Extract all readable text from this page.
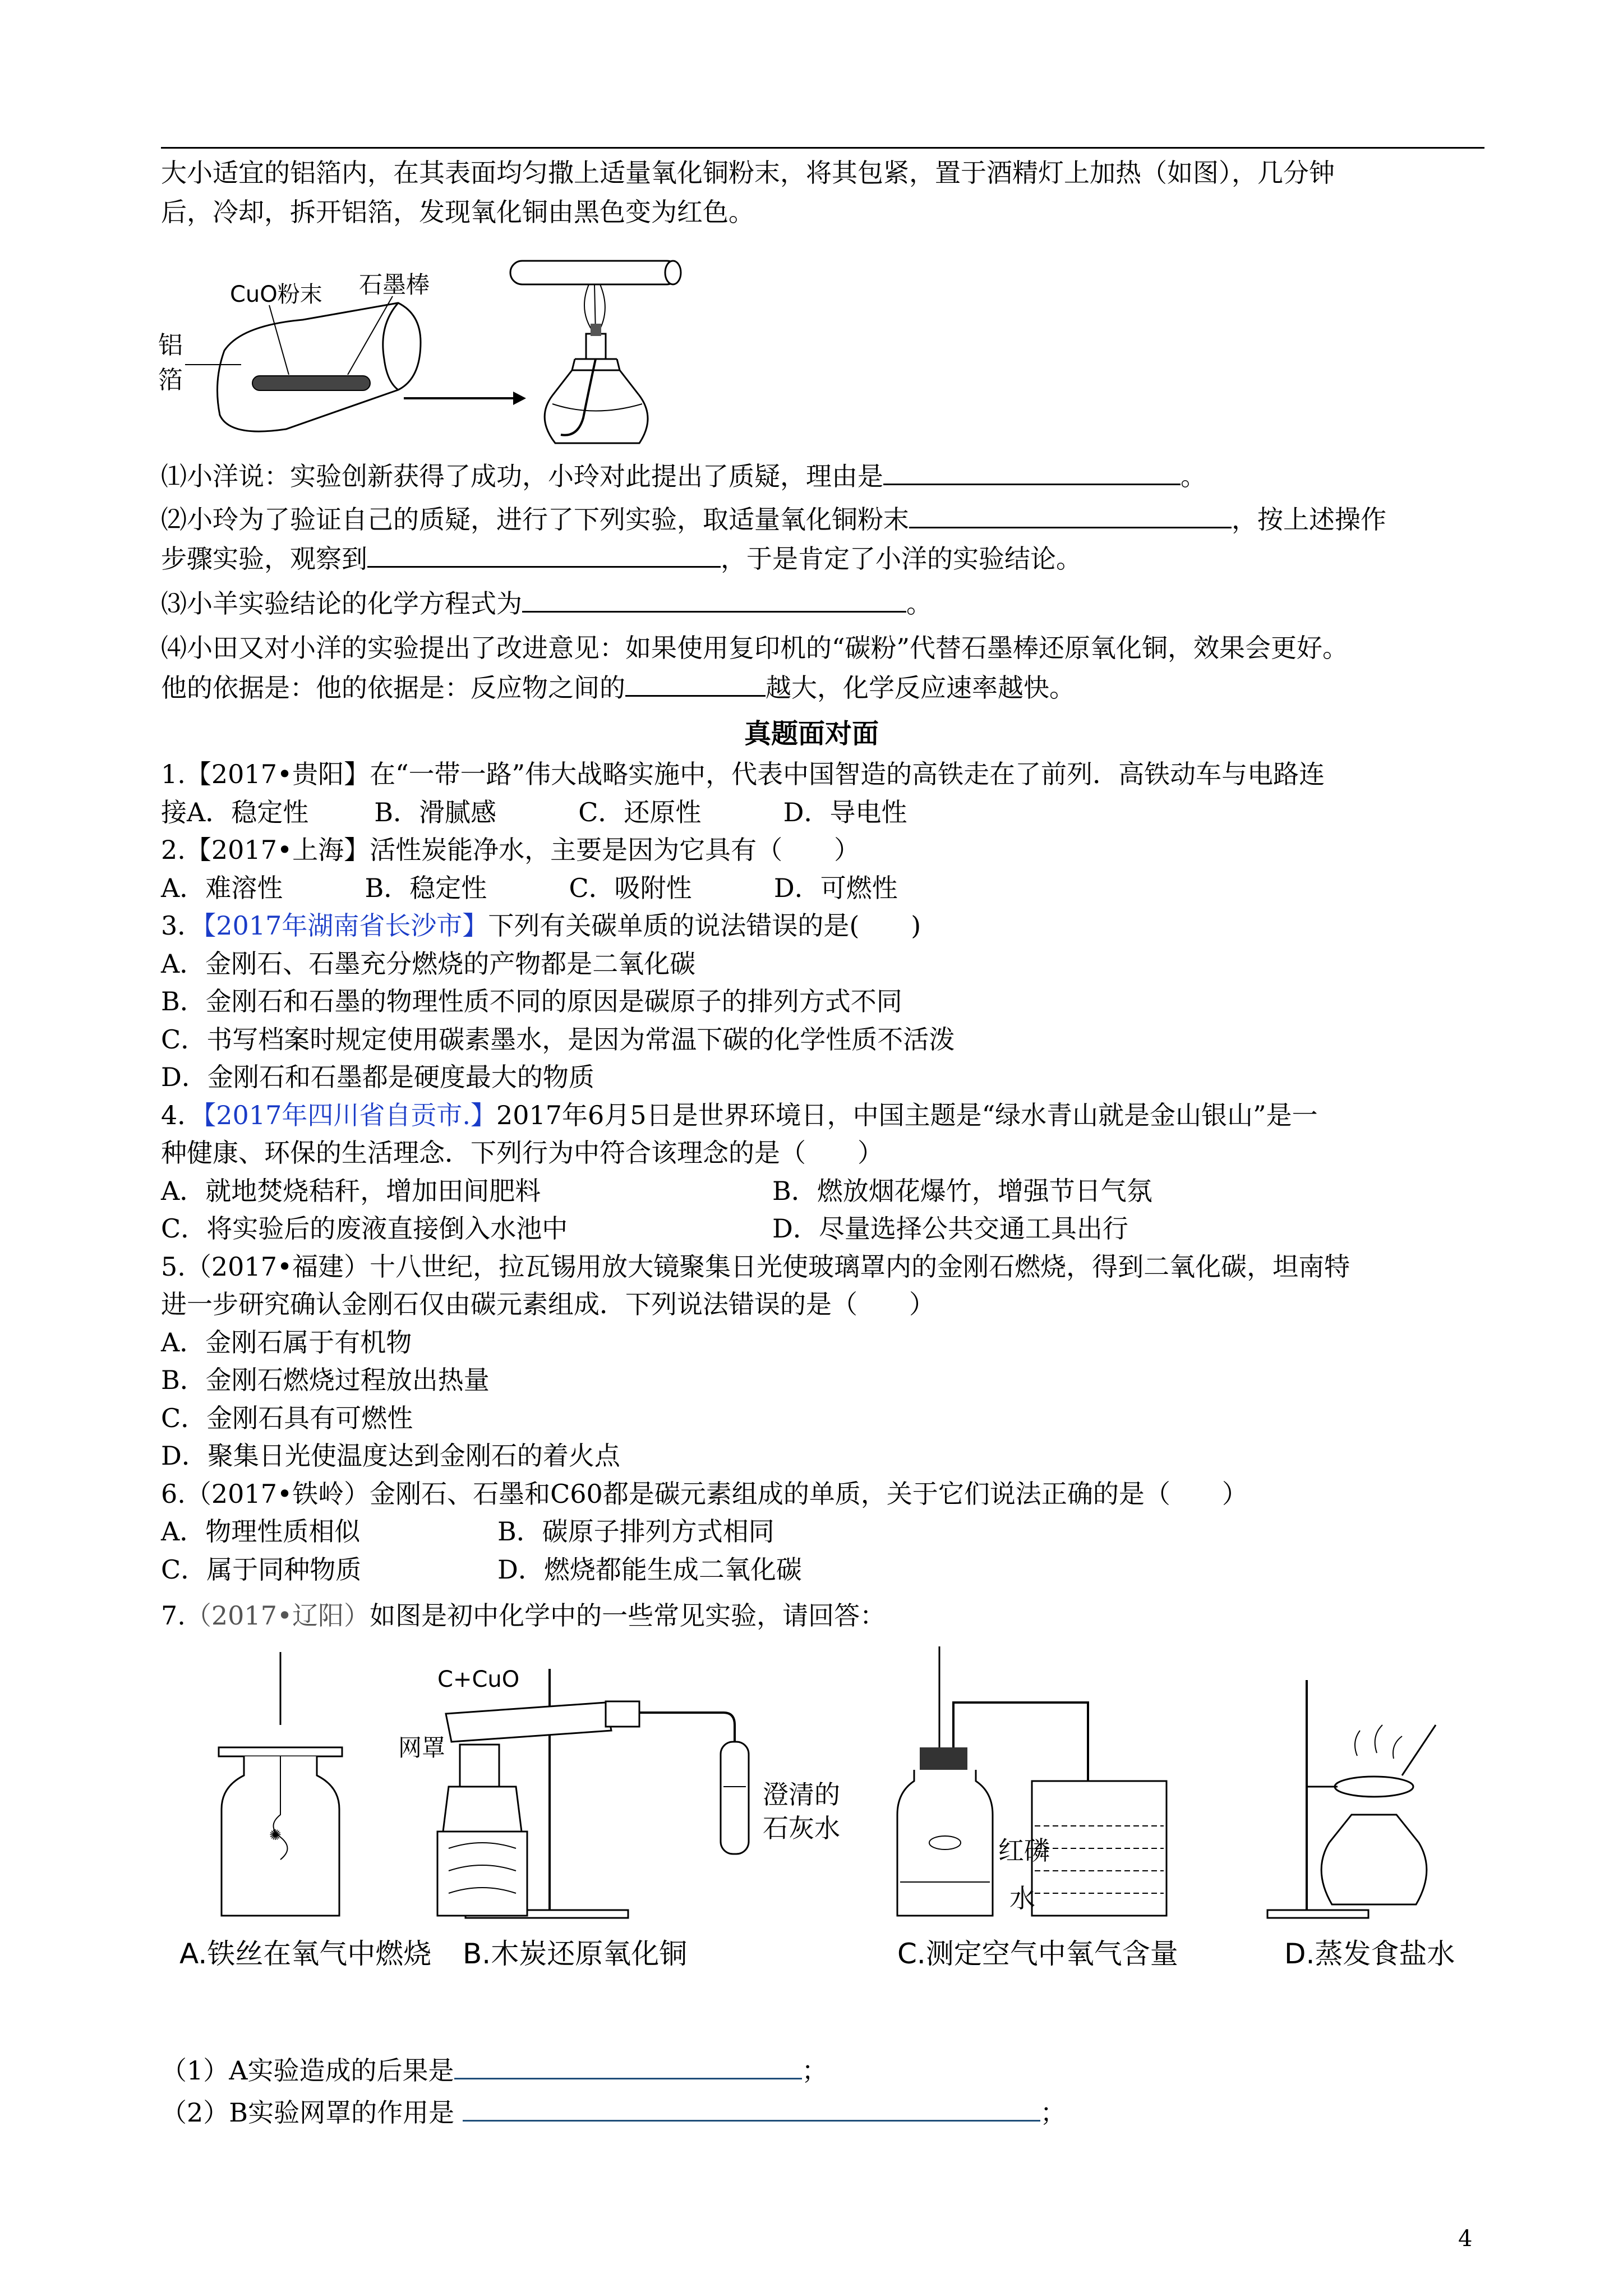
大小适宜的铝箔内，在其表面均匀撒上适量氧化铜粉末，将其包紧，置于酒精灯上加热（如图），几分钟
后，冷却，拆开铝箔，发现氧化铜由黑色变为红色。
CuO粉末 石墨棒
铝
箔
⑴小洋说：实验创新获得了成功，小玲对此提出了质疑，理由是	。
⑵小玲为了验证自己的质疑，进行了下列实验，取适量氧化铜粉末	，按上述操作
步骤实验，观察到	，于是肯定了小洋的实验结论。
⑶小羊实验结论的化学方程式为	。
⑷小田又对小洋的实验提出了改进意见：如果使用复印机的“碳粉”代替石墨棒还原氧化铜，效果会更好。
他的依据是：他的依据是：反应物之间的	越大，化学反应速率越快。
真题面对面
1.【2017•贵阳】在“一带一路”伟大战略实施中，代表中国智造的高铁走在了前列．高铁动车与电路连
接A．稳定性        B．滑腻感          C．还原性          D．导电性
2.【2017•上海】活性炭能净水，主要是因为它具有（　　）
A．难溶性          B．稳定性          C．吸附性          D．可燃性
3．【2017年湖南省长沙市】下列有关碳单质的说法错误的是(　　)
A．金刚石、石墨充分燃烧的产物都是二氧化碳
B．金刚石和石墨的物理性质不同的原因是碳原子的排列方式不同
C．书写档案时规定使用碳素墨水，是因为常温下碳的化学性质不活泼
D．金刚石和石墨都是硬度最大的物质
4．【2017年四川省自贡市.】2017年6月5日是世界环境日，中国主题是“绿水青山就是金山银山”是一
种健康、环保的生活理念．下列行为中符合该理念的是（　　）
A．就地焚烧秸秆，增加田间肥料	B．燃放烟花爆竹，增强节日气氛
C．将实验后的废液直接倒入水池中	D．尽量选择公共交通工具出行
5.（2017•福建）十八世纪，拉瓦锡用放大镜聚集日光使玻璃罩内的金刚石燃烧，得到二氧化碳，坦南特
进一步研究确认金刚石仅由碳元素组成．下列说法错误的是（　　）
A．金刚石属于有机物
B．金刚石燃烧过程放出热量
C．金刚石具有可燃性
D．聚集日光使温度达到金刚石的着火点
6.（2017•铁岭）金刚石、石墨和C60都是碳元素组成的单质，关于它们说法正确的是（　　）
A．物理性质相似	B．碳原子排列方式相同
C．属于同种物质	D．燃烧都能生成二氧化碳
7.（2017•辽阳）如图是初中化学中的一些常见实验，请回答：
✺
网罩
C+CuO
澄清的
石灰水
红磷
水
A.铁丝在氧气中燃烧 B.木炭还原氧化铜	C.测定空气中氧气含量	D.蒸发食盐水
（1）A实验造成的后果是	；
（2）B实验网罩的作用是	；
4
